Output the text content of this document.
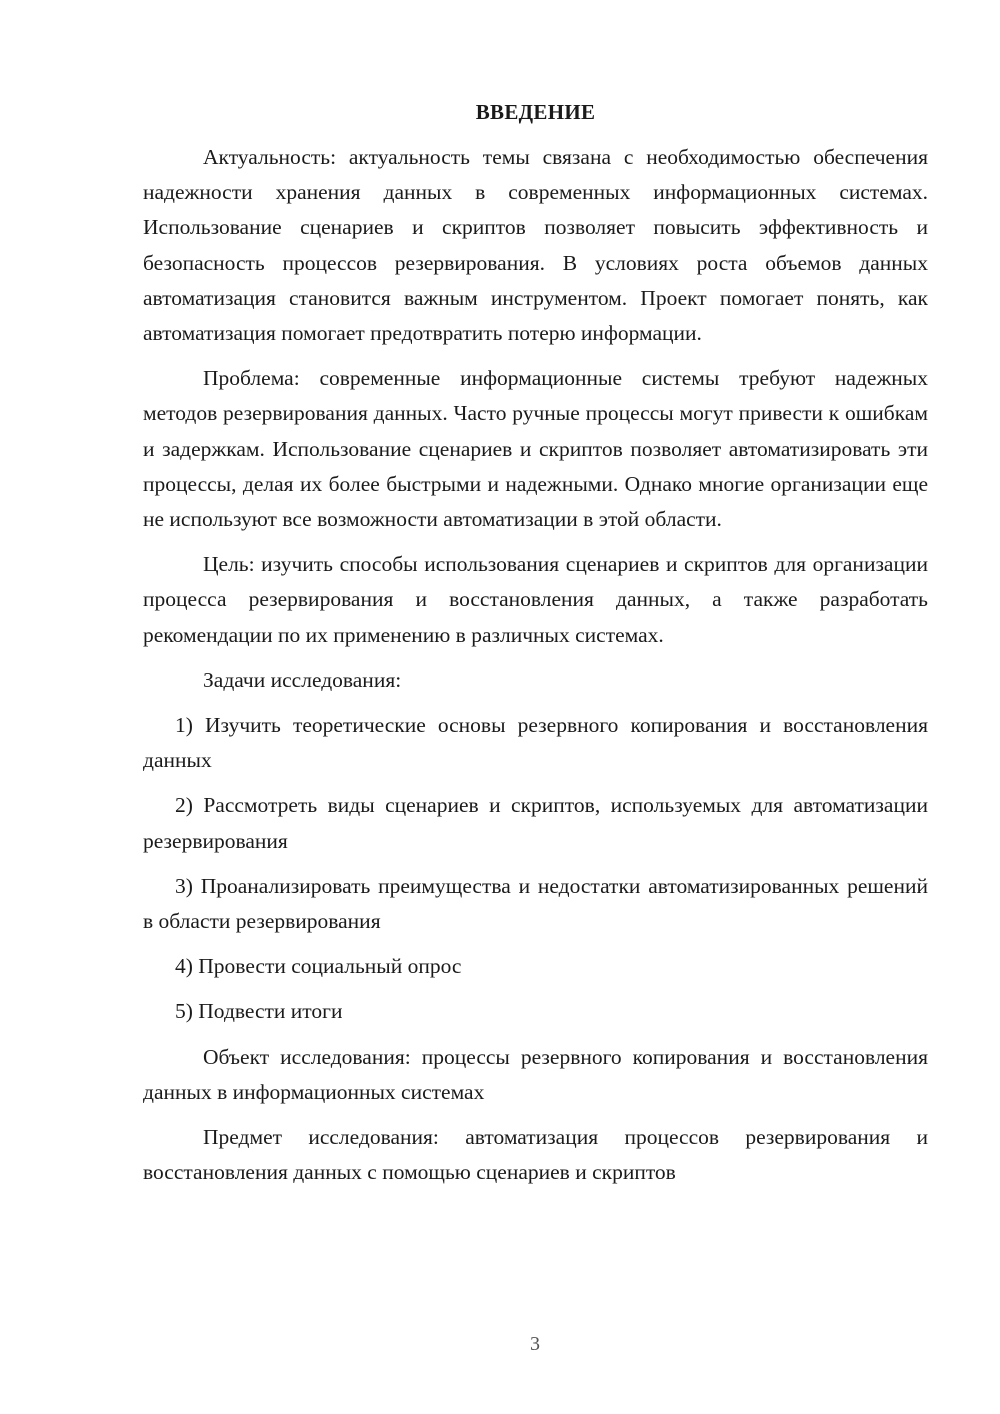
ВВЕДЕНИЕ

Актуальность: актуальность темы связана с необходимостью обеспечения надежности хранения данных в современных информационных системах. Использование сценариев и скриптов позволяет повысить эффективность и безопасность процессов резервирования. В условиях роста объемов данных автоматизация становится важным инструментом. Проект помогает понять, как автоматизация помогает предотвратить потерю информации.

Проблема: современные информационные системы требуют надежных методов резервирования данных. Часто ручные процессы могут привести к ошибкам и задержкам. Использование сценариев и скриптов позволяет автоматизировать эти процессы, делая их более быстрыми и надежными. Однако многие организации еще не используют все возможности автоматизации в этой области.

Цель: изучить способы использования сценариев и скриптов для организации процесса резервирования и восстановления данных, а также разработать рекомендации по их применению в различных системах.

Задачи исследования:

1) Изучить теоретические основы резервного копирования и восстановления данных

2) Рассмотреть виды сценариев и скриптов, используемых для автоматизации резервирования

3) Проанализировать преимущества и недостатки автоматизированных решений в области резервирования

4) Провести социальный опрос

5) Подвести итоги

Объект исследования: процессы резервного копирования и восстановления данных в информационных системах

Предмет исследования: автоматизация процессов резервирования и восстановления данных с помощью сценариев и скриптов

3
